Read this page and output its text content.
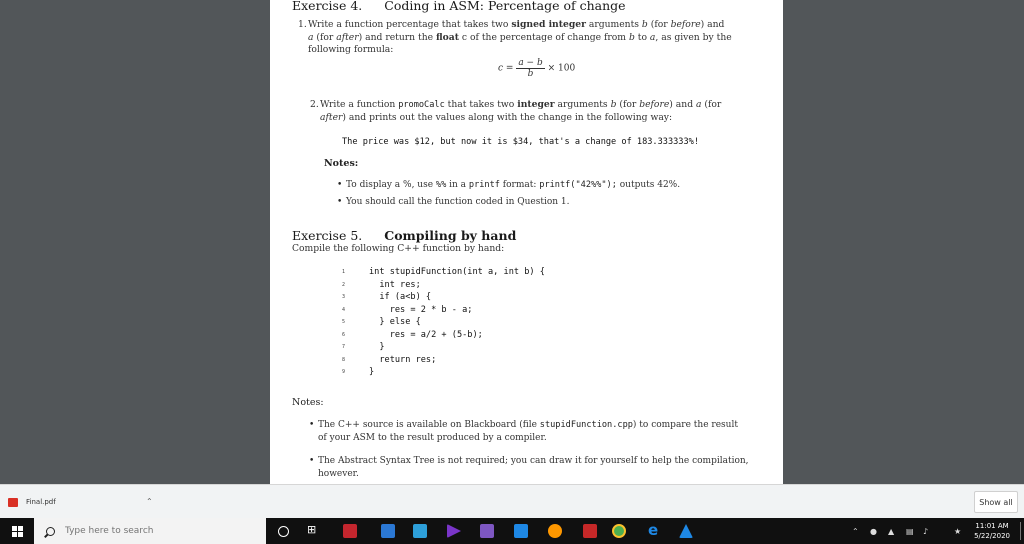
Exercise 4. Coding in ASM: Percentage of change
1. Write a function percentage that takes two signed integer arguments b (for before) and
a (for after) and return the float c of the percentage of change from b to a, as given by the
following formula:
$c = \frac{a - b}{b} \times 100$
2. Write a function promoCalc that takes two integer arguments b (for before) and a (for
after) and prints out the values along with the change in the following way:
The price was $12, but now it is $34, that's a change of 183.333333%!
Notes:
• To display a %, use %% in a printf format: printf("42%%"); outputs 42%.
• You should call the function coded in Question 1.
Exercise 5. Compiling by hand
Compile the following C++ function by hand:
1	int stupidFunction(int a, int b) {
2	int res;
3	if (a<b) {
4	res = 2 * b - a;
5	} else {
6	res = a/2 + (5-b);
7	}
8	return res;
9	}
Notes:
• The C++ source is available on Blackboard (file stupidFunction.cpp) to compare the result
of your ASM to the result produced by a compiler.
• The Abstract Syntax Tree is not required; you can draw it for yourself to help the compilation,
however.
Final.pdf	⌃	Show all
Type here to search
⊞	e	⌃ ● ▲ ▤ ♪	★
11:01 AM
5/22/2020
